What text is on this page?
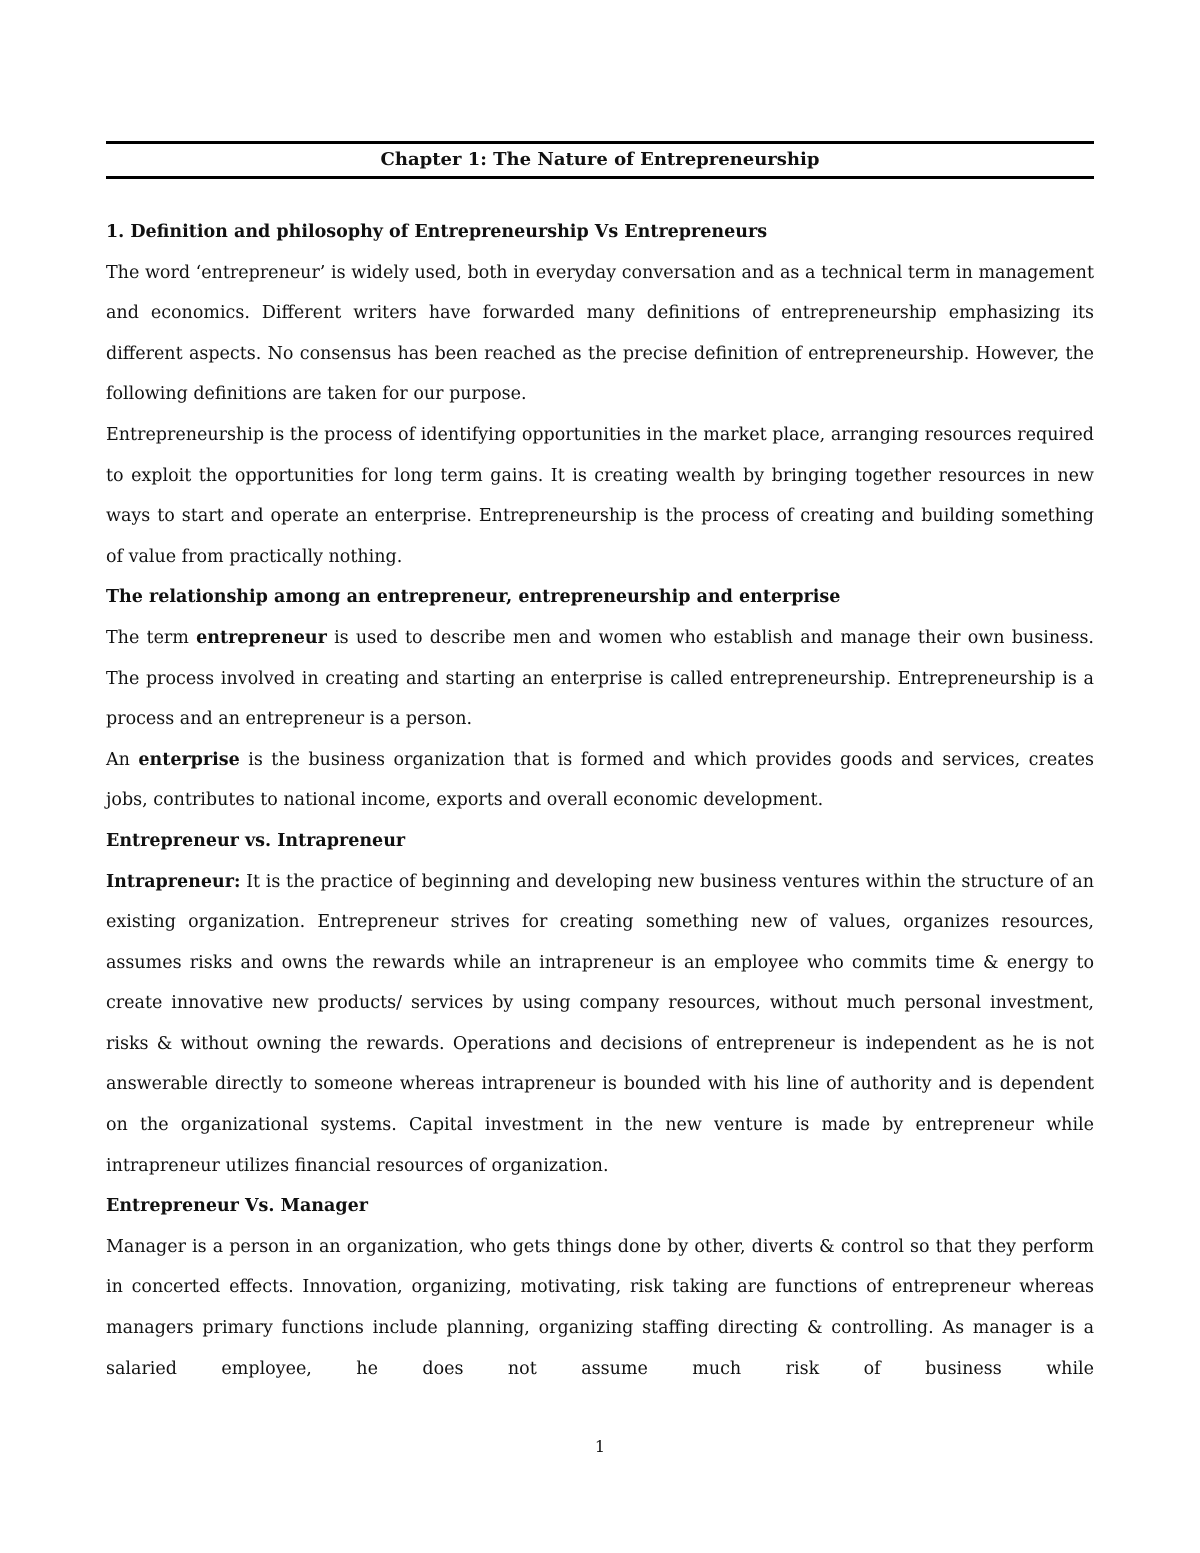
Chapter 1: The Nature of Entrepreneurship

1. Definition and philosophy of Entrepreneurship Vs Entrepreneurs

The word ‘entrepreneur’ is widely used, both in everyday conversation and as a technical term in management and economics. Different writers have forwarded many definitions of entrepreneurship emphasizing its different aspects. No consensus has been reached as the precise definition of entrepreneurship. However, the following definitions are taken for our purpose.

Entrepreneurship is the process of identifying opportunities in the market place, arranging resources required to exploit the opportunities for long term gains. It is creating wealth by bringing together resources in new ways to start and operate an enterprise. Entrepreneurship is the process of creating and building something of value from practically nothing.

The relationship among an entrepreneur, entrepreneurship and enterprise

The term entrepreneur is used to describe men and women who establish and manage their own business. The process involved in creating and starting an enterprise is called entrepreneurship. Entrepreneurship is a process and an entrepreneur is a person.

An enterprise is the business organization that is formed and which provides goods and services, creates jobs, contributes to national income, exports and overall economic development.

Entrepreneur vs. Intrapreneur

Intrapreneur: It is the practice of beginning and developing new business ventures within the structure of an existing organization. Entrepreneur strives for creating something new of values, organizes resources, assumes risks and owns the rewards while an intrapreneur is an employee who commits time & energy to create innovative new products/ services by using company resources, without much personal investment, risks & without owning the rewards. Operations and decisions of entrepreneur is independent as he is not answerable directly to someone whereas intrapreneur is bounded with his line of authority and is dependent on the organizational systems. Capital investment in the new venture is made by entrepreneur while intrapreneur utilizes financial resources of organization.

Entrepreneur Vs. Manager

Manager is a person in an organization, who gets things done by other, diverts & control so that they perform in concerted effects. Innovation, organizing, motivating, risk taking are functions of entrepreneur whereas managers primary functions include planning, organizing staffing directing & controlling. As manager is a salaried employee, he does not assume much risk of business while

1
